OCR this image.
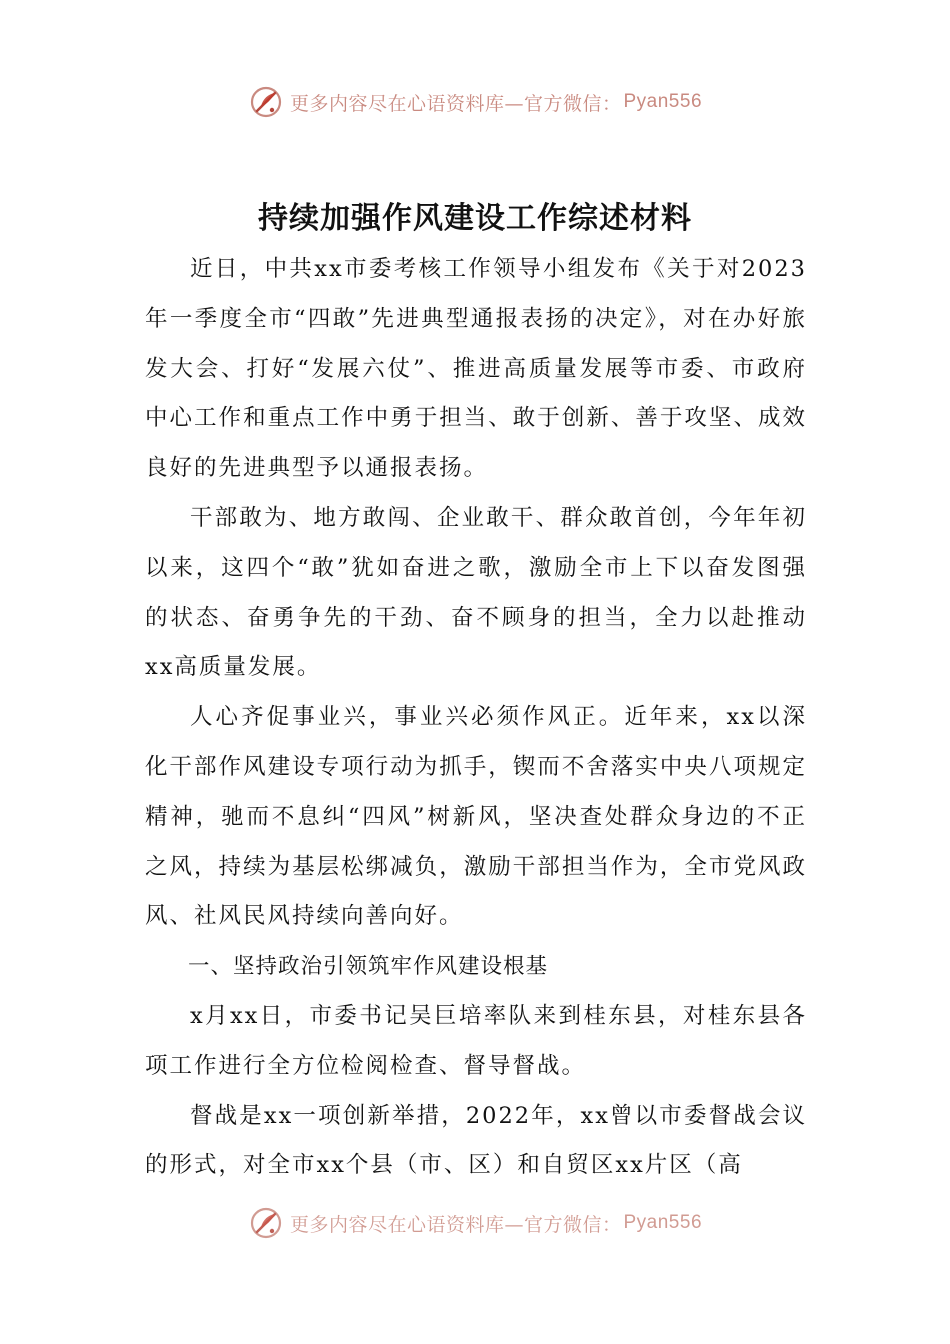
更多内容尽在心语资料库—官方微信： Pyan556
持续加强作风建设工作综述材料

近日，中共xx市委考核工作领导小组发布《关于对2023年一季度全市“四敢”先进典型通报表扬的决定》，对在办好旅发大会、打好“发展六仗”、推进高质量发展等市委、市政府中心工作和重点工作中勇于担当、敢于创新、善于攻坚、成效良好的先进典型予以通报表扬。

干部敢为、地方敢闯、企业敢干、群众敢首创，今年年初以来，这四个“敢”犹如奋进之歌，激励全市上下以奋发图强的状态、奋勇争先的干劲、奋不顾身的担当，全力以赴推动xx高质量发展。

人心齐促事业兴，事业兴必须作风正。近年来，xx以深化干部作风建设专项行动为抓手，锲而不舍落实中央八项规定精神，驰而不息纠“四风”树新风，坚决查处群众身边的不正之风，持续为基层松绑减负，激励干部担当作为，全市党风政风、社风民风持续向善向好。

一、坚持政治引领筑牢作风建设根基

x月xx日，市委书记吴巨培率队来到桂东县，对桂东县各项工作进行全方位检阅检查、督导督战。

督战是xx一项创新举措，2022年，xx曾以市委督战会议的形式，对全市xx个县（市、区）和自贸区xx片区（高

更多内容尽在心语资料库—官方微信： Pyan556
